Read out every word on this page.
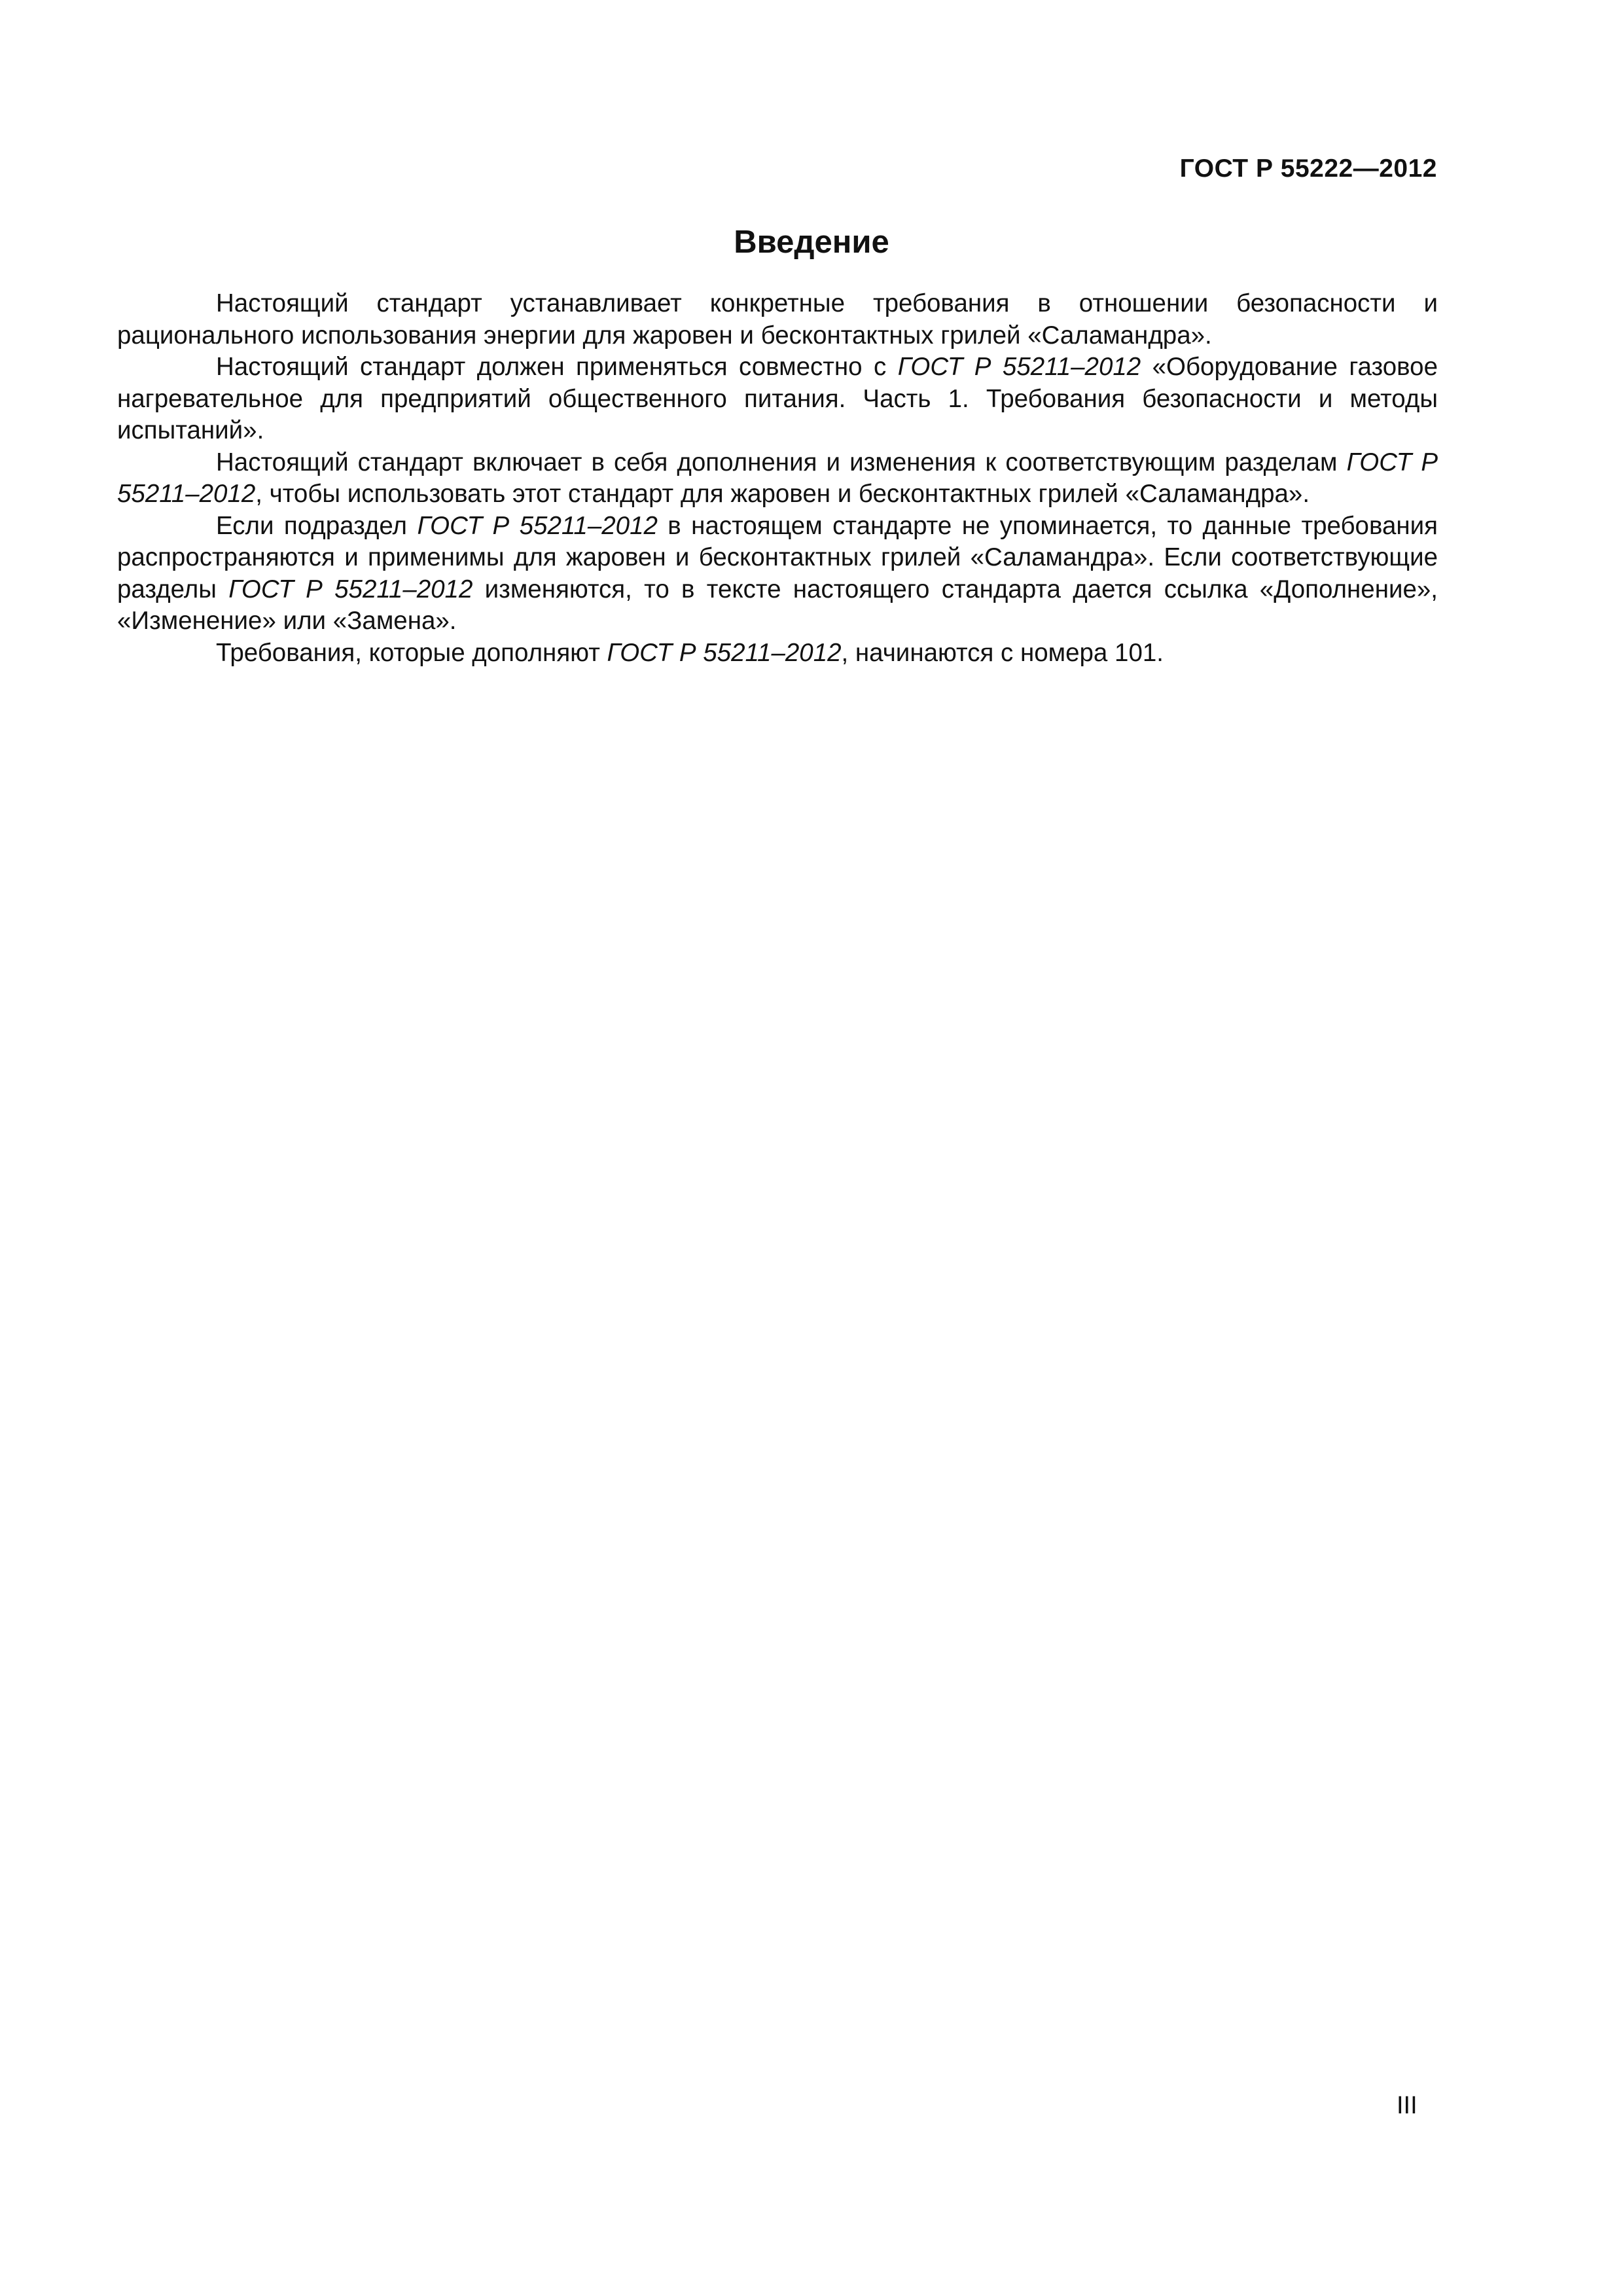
ГОСТ Р 55222—2012
Введение

Настоящий стандарт устанавливает конкретные требования в отношении безопасности и рационального использования энергии для жаровен и бесконтактных грилей «Саламандра».

Настоящий стандарт должен применяться совместно с ГОСТ Р 55211–2012 «Оборудование газовое нагревательное для предприятий общественного питания. Часть 1. Требования безопасности и методы испытаний».

Настоящий стандарт включает в себя дополнения и изменения к соответствующим разделам ГОСТ Р 55211–2012, чтобы использовать этот стандарт для жаровен и бесконтактных грилей «Саламандра».

Если подраздел ГОСТ Р 55211–2012 в настоящем стандарте не упоминается, то данные требования распространяются и применимы для жаровен и бесконтактных грилей «Саламандра». Если соответствующие разделы ГОСТ Р 55211–2012 изменяются, то в тексте настоящего стандарта дается ссылка «Дополнение», «Изменение» или «Замена».

Требования, которые дополняют ГОСТ Р 55211–2012, начинаются с номера 101.

III
